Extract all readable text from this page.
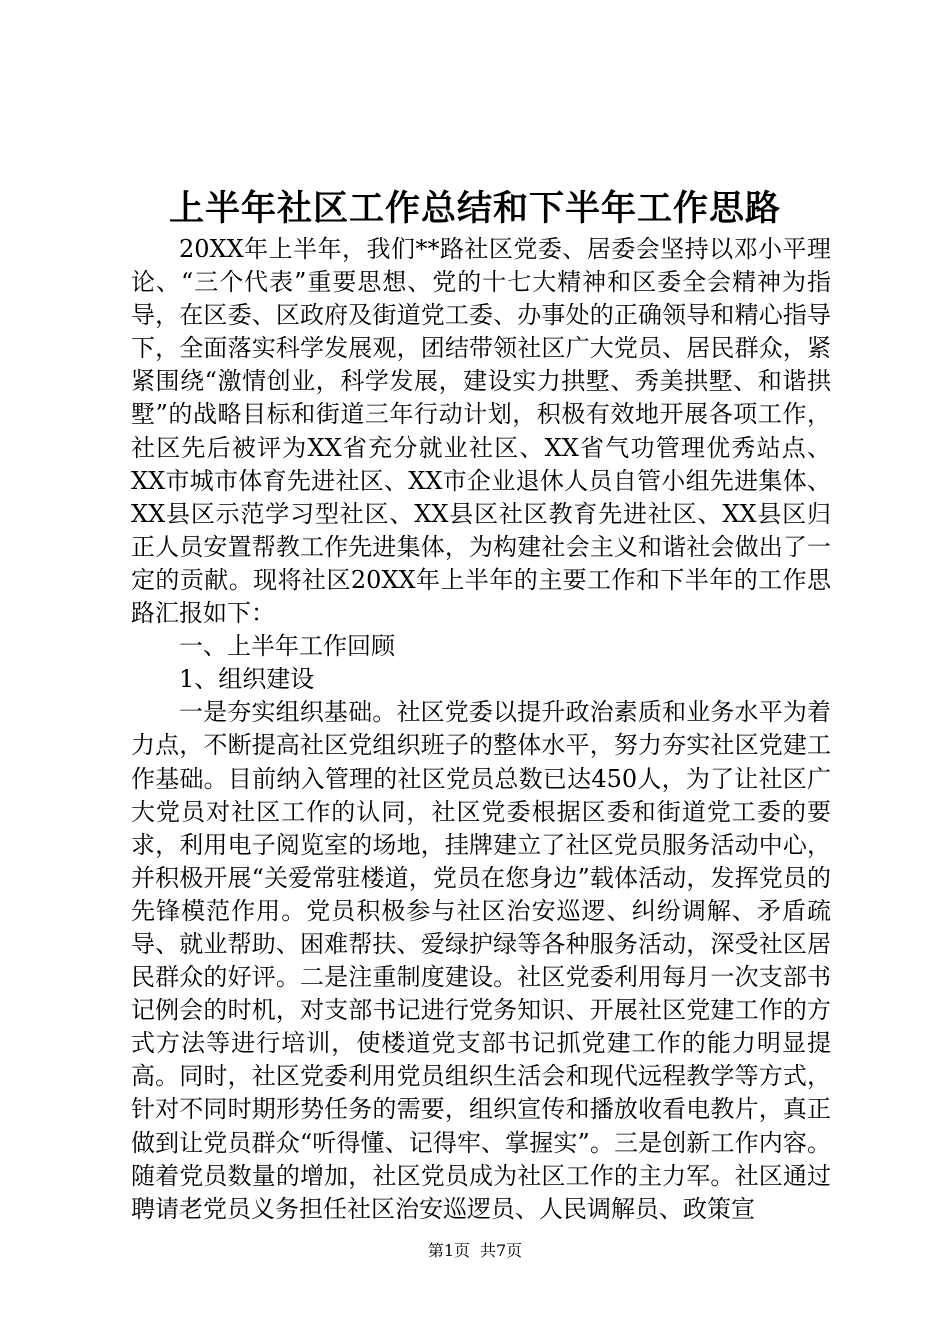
上半年社区工作总结和下半年工作思路

20XX年上半年，我们**路社区党委、居委会坚持以邓小平理论、“三个代表”重要思想、党的十七大精神和区委全会精神为指导，在区委、区政府及街道党工委、办事处的正确领导和精心指导下，全面落实科学发展观，团结带领社区广大党员、居民群众，紧紧围绕“激情创业，科学发展，建设实力拱墅、秀美拱墅、和谐拱墅”的战略目标和街道三年行动计划，积极有效地开展各项工作，社区先后被评为XX省充分就业社区、XX省气功管理优秀站点、XX市城市体育先进社区、XX市企业退休人员自管小组先进集体、XX县区示范学习型社区、XX县区社区教育先进社区、XX县区归正人员安置帮教工作先进集体，为构建社会主义和谐社会做出了一定的贡献。现将社区20XX年上半年的主要工作和下半年的工作思路汇报如下：

一、上半年工作回顾

1、组织建设

一是夯实组织基础。社区党委以提升政治素质和业务水平为着力点，不断提高社区党组织班子的整体水平，努力夯实社区党建工作基础。目前纳入管理的社区党员总数已达450人，为了让社区广大党员对社区工作的认同，社区党委根据区委和街道党工委的要求，利用电子阅览室的场地，挂牌建立了社区党员服务活动中心，并积极开展“关爱常驻楼道，党员在您身边”载体活动，发挥党员的先锋模范作用。党员积极参与社区治安巡逻、纠纷调解、矛盾疏导、就业帮助、困难帮扶、爱绿护绿等各种服务活动，深受社区居民群众的好评。二是注重制度建设。社区党委利用每月一次支部书记例会的时机，对支部书记进行党务知识、开展社区党建工作的方式方法等进行培训，使楼道党支部书记抓党建工作的能力明显提高。同时，社区党委利用党员组织生活会和现代远程教学等方式，针对不同时期形势任务的需要，组织宣传和播放收看电教片，真正做到让党员群众“听得懂、记得牢、掌握实”。三是创新工作内容。随着党员数量的增加，社区党员成为社区工作的主力军。社区通过聘请老党员义务担任社区治安巡逻员、人民调解员、政策宣

第1页 共7页
